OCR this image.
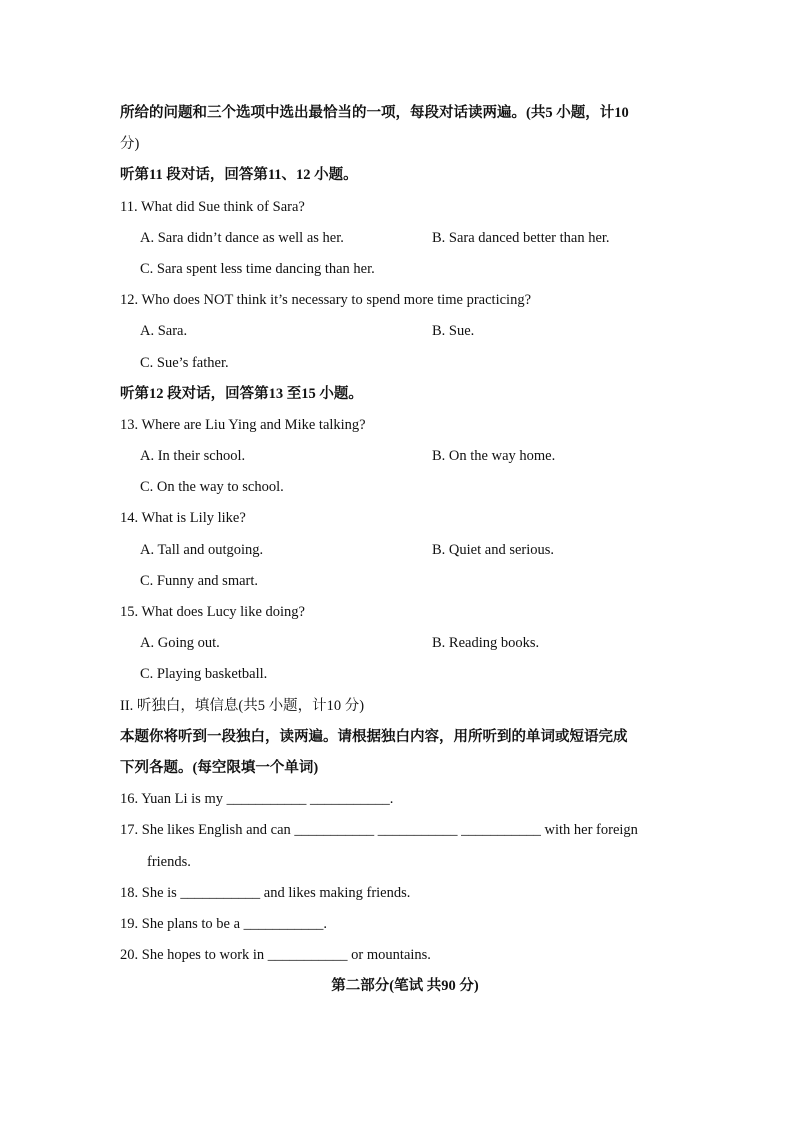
所给的问题和三个选项中选出最恰当的一项，每段对话读两遍。(共5 小题，计10
分)
听第11 段对话，回答第11、12 小题。
11. What did Sue think of Sara?
A. Sara didn’t dance as well as her.	B. Sara danced better than her.
C. Sara spent less time dancing than her.
12. Who does NOT think it’s necessary to spend more time practicing?
A. Sara.	B. Sue.
C. Sue’s father.
听第12 段对话，回答第13 至15 小题。
13. Where are Liu Ying and Mike talking?
A. In their school.	B. On the way home.
C. On the way to school.
14. What is Lily like?
A. Tall and outgoing.	B. Quiet and serious.
C. Funny and smart.
15. What does Lucy like doing?
A. Going out.	B. Reading books.
C. Playing basketball.
II. 听独白，填信息(共5 小题，计10 分)
本题你将听到一段独白，读两遍。请根据独白内容，用所听到的单词或短语完成
下列各题。(每空限填一个单词)
16. Yuan Li is my ___________ ___________.
17. She likes English and can ___________ ___________ ___________ with her foreign
friends.
18. She is ___________ and likes making friends.
19. She plans to be a ___________.
20. She hopes to work in ___________ or mountains.
第二部分(笔试 共90 分)
